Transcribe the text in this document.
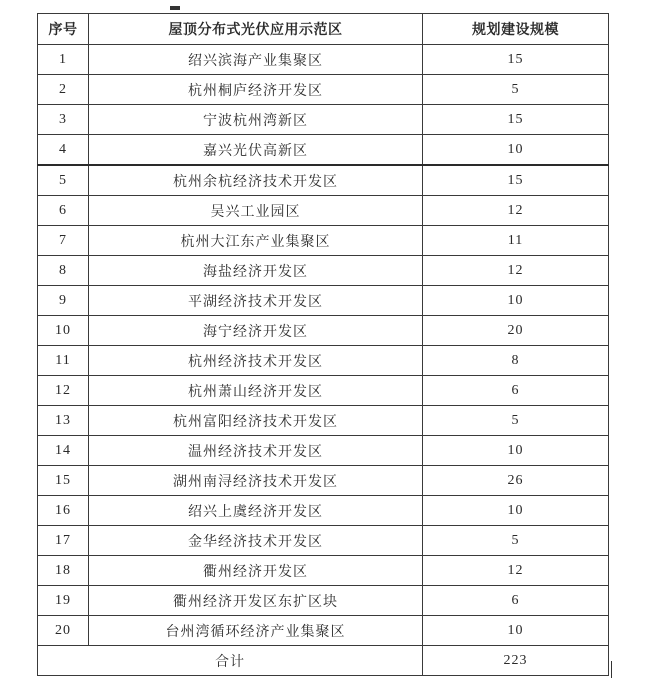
序号	屋顶分布式光伏应用示范区	规划建设规模
1	绍兴滨海产业集聚区	15
2	杭州桐庐经济开发区	5
3	宁波杭州湾新区	15
4	嘉兴光伏高新区	10
5	杭州余杭经济技术开发区	15
6	吴兴工业园区	12
7	杭州大江东产业集聚区	11
8	海盐经济开发区	12
9	平湖经济技术开发区	10
10	海宁经济开发区	20
11	杭州经济技术开发区	8
12	杭州萧山经济开发区	6
13	杭州富阳经济技术开发区	5
14	温州经济技术开发区	10
15	湖州南浔经济技术开发区	26
16	绍兴上虞经济开发区	10
17	金华经济技术开发区	5
18	衢州经济开发区	12
19	衢州经济开发区东扩区块	6
20	台州湾循环经济产业集聚区	10
合计		223
